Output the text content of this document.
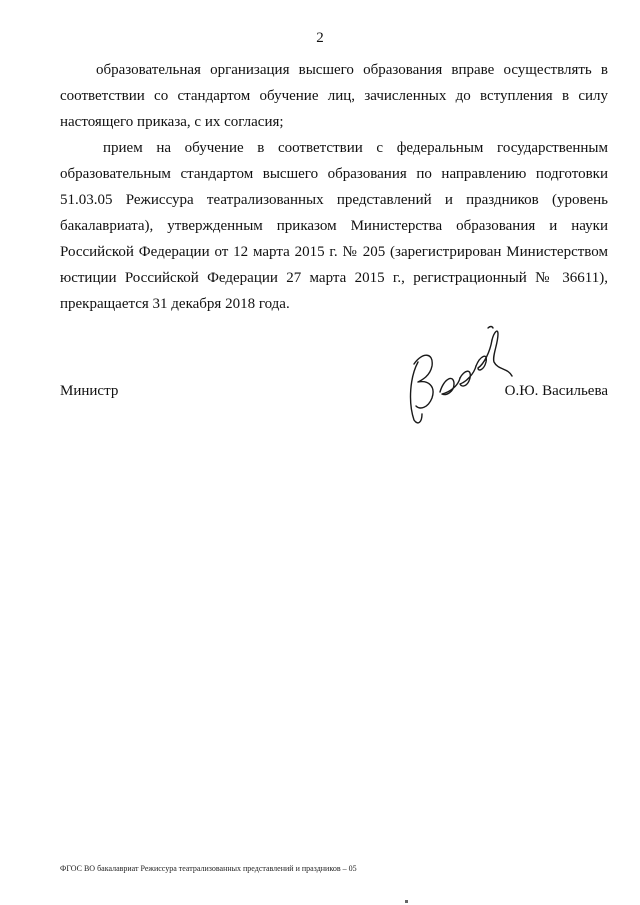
2

образовательная организация высшего образования вправе осуществлять в соответствии со стандартом обучение лиц, зачисленных до вступления в силу настоящего приказа, с их согласия;

прием на обучение в соответствии с федеральным государственным образовательным стандартом высшего образования по направлению подготовки 51.03.05 Режиссура театрализованных представлений и праздников (уровень бакалавриата), утвержденным приказом Министерства образования и науки Российской Федерации от 12 марта 2015 г. № 205 (зарегистрирован Министерством юстиции Российской Федерации 27 марта 2015 г., регистрационный № 36611), прекращается 31 декабря 2018 года.

Министр	О.Ю. Васильева
ФГОС ВО бакалавриат Режиссура театрализованных представлений и праздников – 05
